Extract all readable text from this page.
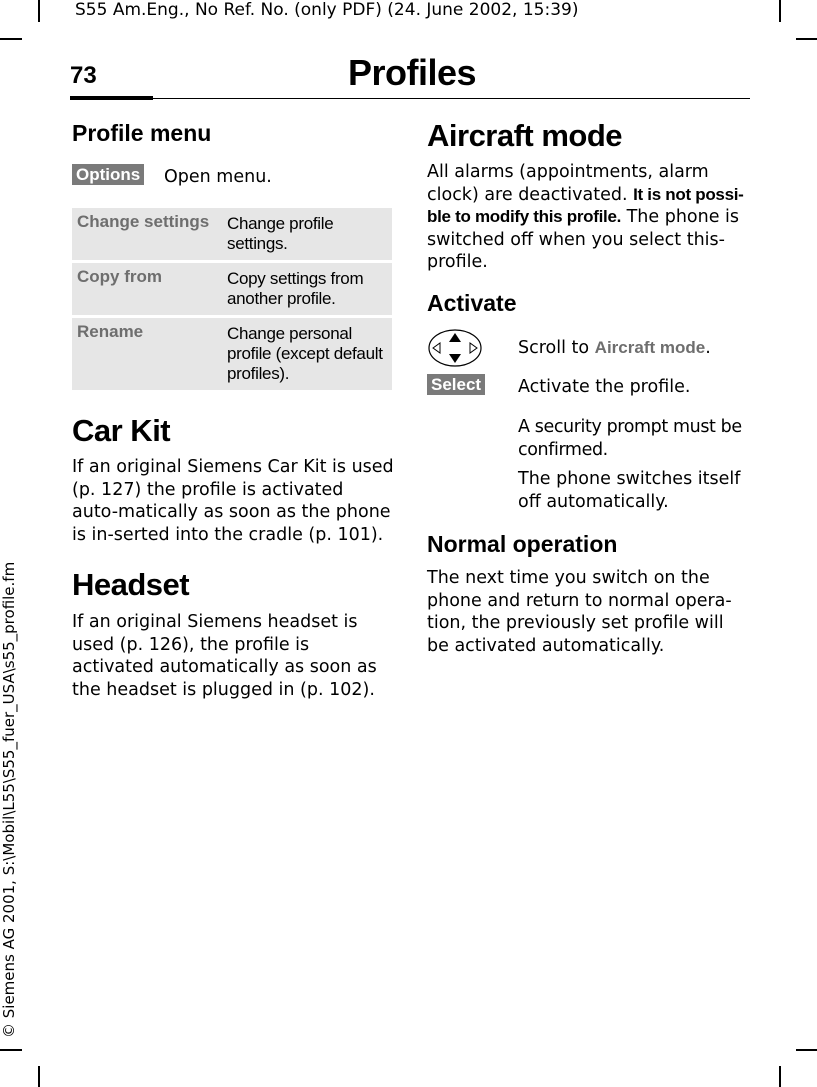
S55 Am.Eng., No Ref. No. (only PDF) (24. June 2002, 15:39)
73	Profiles
© Siemens AG 2001, S:\Mobil\L55\S55_fuer_USA\s55_profile.fm
Profile menu
Options Open menu.
Change settings	Change profile settings.
Copy from	Copy settings from another profile.
Rename	Change personal profile (except default profiles).
Car Kit
If an original Siemens Car Kit is used (p. 127) the profile is activated auto-matically as soon as the phone is in-serted into the cradle (p. 101).
Headset
If an original Siemens headset is used (p. 126), the profile is activated automatically as soon as the headset is plugged in (p. 102).
Aircraft mode
All alarms (appointments, alarm clock) are deactivated. It is not possi-ble to modify this profile. The phone is switched off when you select this-profile.
Activate
Scroll to Aircraft mode.
Select Activate the profile.
A security prompt must be confirmed.
The phone switches itself off automatically.
Normal operation
The next time you switch on the phone and return to normal opera-tion, the previously set profile will be activated automatically.
